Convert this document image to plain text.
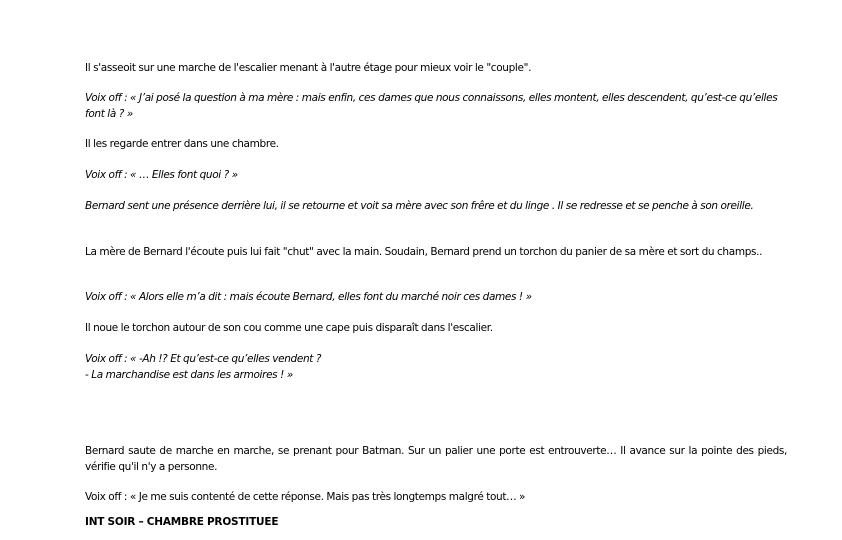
Il s'asseoit sur une marche de l'escalier menant à l'autre étage pour mieux voir le "couple".

Voix off : « J’ai posé la question à ma mère : mais enfin, ces dames que nous connaissons, elles montent, elles descendent, qu’est-ce qu’elles font là ? »

Il les regarde entrer dans une chambre.

Voix off : « … Elles font quoi ? »

Bernard sent une présence derrière lui, il se retourne et voit sa mère avec son frêre et du linge . Il se redresse et se penche à son oreille.

La mère de Bernard l'écoute puis lui fait "chut" avec la main. Soudain, Bernard prend un torchon du panier de sa mère et sort du champs..

Voix off : « Alors elle m’a dit : mais écoute Bernard, elles font du marché noir ces dames ! »

Il noue le torchon autour de son cou comme une cape puis disparaît dans l'escalier.

Voix off : « -Ah !? Et qu’est-ce qu’elles vendent ?
- La marchandise est dans les armoires ! »

Bernard saute de marche en marche, se prenant pour Batman. Sur un palier une porte est entrouverte… Il avance sur la pointe des pieds, vérifie qu'il n'y a personne.

Voix off : « Je me suis contenté de cette réponse. Mais pas très longtemps malgré tout… »

INT SOIR – CHAMBRE PROSTITUEE
